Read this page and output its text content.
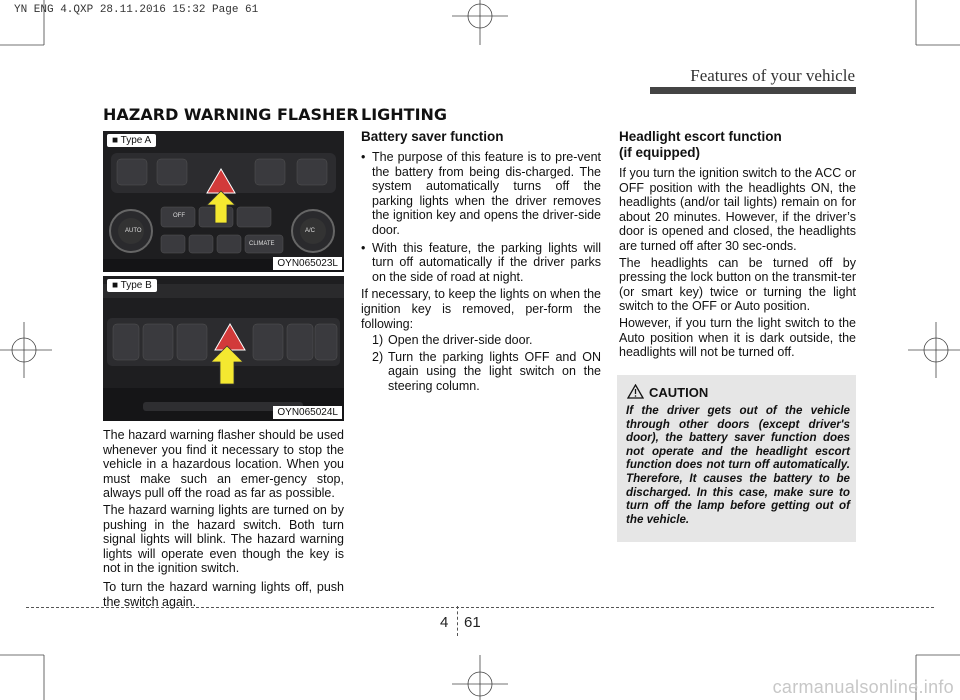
YN ENG 4.QXP 28.11.2016 15:32 Page 61
Features of your vehicle
HAZARD WARNING FLASHER
AUTO
OFF
A/C
CLIMATE
■ Type A
OYN065023L
■ Type B
OYN065024L

The hazard warning flasher should be used whenever you find it necessary to stop the vehicle in a hazardous location. When you must make such an emer-gency stop, always pull off the road as far as possible.

The hazard warning lights are turned on by pushing in the hazard switch. Both turn signal lights will blink. The hazard warning lights will operate even though the key is not in the ignition switch.

To turn the hazard warning lights off, push the switch again.

LIGHTING
Battery saver function
• The purpose of this feature is to pre-vent the battery from being dis-charged. The system automatically turns off the parking lights when the driver removes the ignition key and opens the driver-side door.
• With this feature, the parking lights will turn off automatically if the driver parks on the side of road at night.

If necessary, to keep the lights on when the ignition key is removed, per-form the following:

1) Open the driver-side door.
2) Turn the parking lights OFF and ON again using the light switch on the steering column.
Headlight escort function
(if equipped)

If you turn the ignition switch to the ACC or OFF position with the headlights ON, the headlights (and/or tail lights) remain on for about 20 minutes. However, if the driver’s door is opened and closed, the headlights are turned off after 30 sec-onds.

The headlights can be turned off by pressing the lock button on the transmit-ter (or smart key) twice or turning the light switch to the OFF or Auto position.

However, if you turn the light switch to the Auto position when it is dark outside, the headlights will not be turned off.

CAUTION
If the driver gets out of the vehicle through other doors (except driver's door), the battery saver function does not operate and the headlight escort function does not turn off automatically. Therefore, It causes the battery to be discharged. In this case, make sure to turn off the lamp before getting out of the vehicle.
4 61
carmanualsonline.info
